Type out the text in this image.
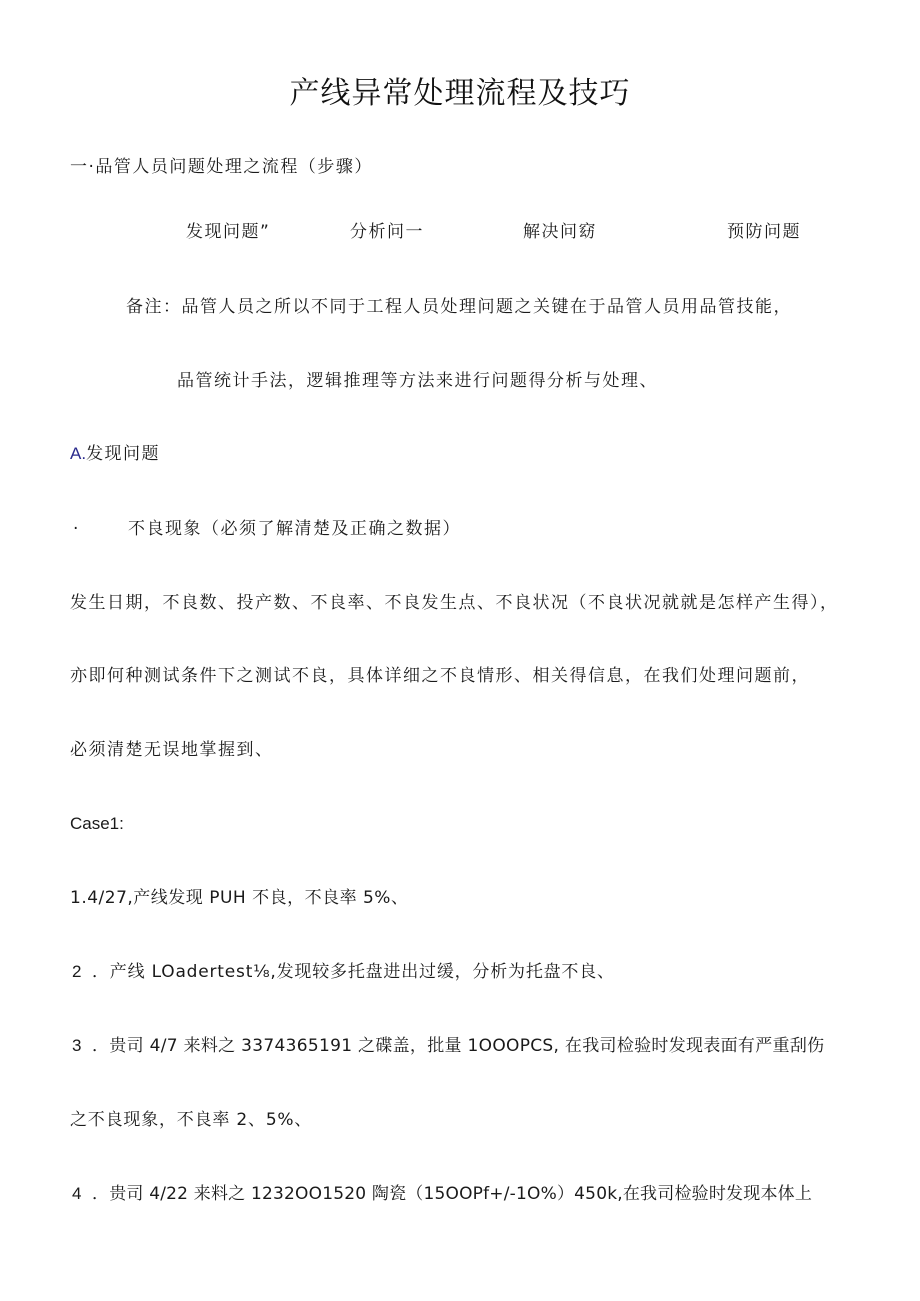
产线异常处理流程及技巧
一·品管人员问题处理之流程（步骤）
发现问题”	分析问一	解决问窈	预防问题
备注：品管人员之所以不同于工程人员处理问题之关键在于品管人员用品管技能，
品管统计手法，逻辑推理等方法来进行问题得分析与处理、
A.发现问题
·	不良现象（必须了解清楚及正确之数据）
发生日期，不良数、投产数、不良率、不良发生点、不良状况（不良状况就就是怎样产生得），
亦即何种测试条件下之测试不良，具体详细之不良情形、相关得信息，在我们处理问题前，
必须清楚无误地掌握到、
Case1:
1.4/27,产线发现 PUH 不良，不良率 5%、
2 ．产线 LOadertest⅛,发现较多托盘进出过缓，分析为托盘不良、
3 ．贵司 4/7 来料之 3374365191 之碟盖，批量 1OOOPCS, 在我司检验时发现表面有严重刮伤
之不良现象，不良率 2、5%、
4 ．贵司 4/22 来料之 1232OO1520 陶瓷（15OOPf+/-1O%）450k,在我司检验时发现本体上
